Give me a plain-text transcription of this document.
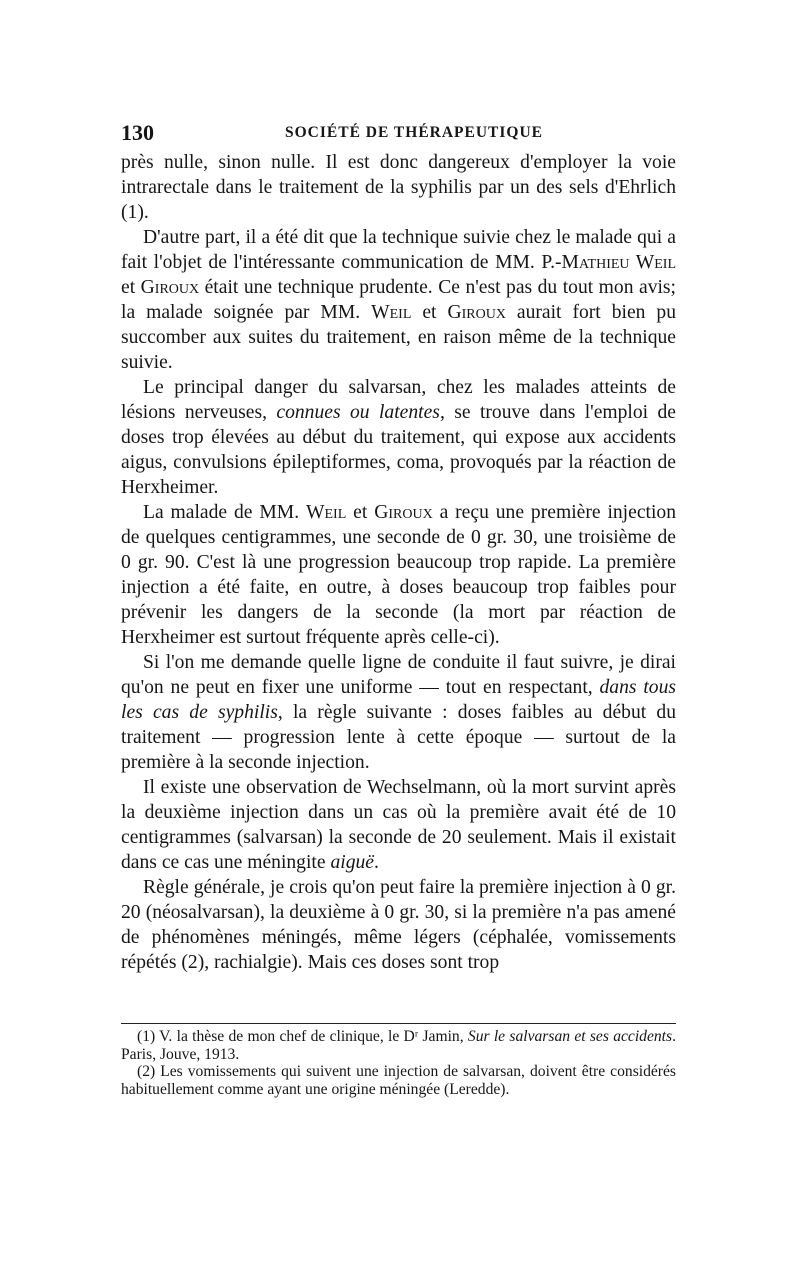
130	SOCIÉTÉ DE THÉRAPEUTIQUE

près nulle, sinon nulle. Il est donc dangereux d'employer la voie intrarectale dans le traitement de la syphilis par un des sels d'Ehrlich (1).

D'autre part, il a été dit que la technique suivie chez le malade qui a fait l'objet de l'intéressante communication de MM. P.-Mathieu Weil et Giroux était une technique prudente. Ce n'est pas du tout mon avis; la malade soignée par MM. Weil et Giroux aurait fort bien pu succomber aux suites du traitement, en raison même de la technique suivie.

Le principal danger du salvarsan, chez les malades atteints de lésions nerveuses, connues ou latentes, se trouve dans l'emploi de doses trop élevées au début du traitement, qui expose aux accidents aigus, convulsions épileptiformes, coma, provoqués par la réaction de Herxheimer.

La malade de MM. Weil et Giroux a reçu une première injection de quelques centigrammes, une seconde de 0 gr. 30, une troisième de 0 gr. 90. C'est là une progression beaucoup trop rapide. La première injection a été faite, en outre, à doses beaucoup trop faibles pour prévenir les dangers de la seconde (la mort par réaction de Herxheimer est surtout fréquente après celle-ci).

Si l'on me demande quelle ligne de conduite il faut suivre, je dirai qu'on ne peut en fixer une uniforme — tout en respectant, dans tous les cas de syphilis, la règle suivante : doses faibles au début du traitement — progression lente à cette époque — surtout de la première à la seconde injection.

Il existe une observation de Wechselmann, où la mort survint après la deuxième injection dans un cas où la première avait été de 10 centigrammes (salvarsan) la seconde de 20 seulement. Mais il existait dans ce cas une méningite aiguë.

Règle générale, je crois qu'on peut faire la première injection à 0 gr. 20 (néosalvarsan), la deuxième à 0 gr. 30, si la première n'a pas amené de phénomènes méningés, même légers (céphalée, vomissements répétés (2), rachialgie). Mais ces doses sont trop

(1) V. la thèse de mon chef de clinique, le Dʳ Jamin, Sur le salvarsan et ses accidents. Paris, Jouve, 1913.

(2) Les vomissements qui suivent une injection de salvarsan, doivent être considérés habituellement comme ayant une origine méningée (Leredde).
